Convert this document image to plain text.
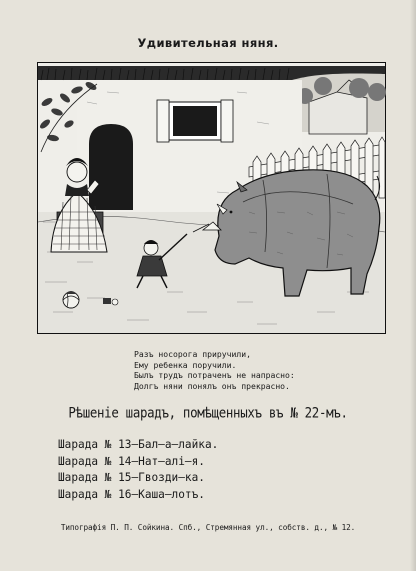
Удивительная няня.
Разъ носорога приручили,
Ему ребенка поручили.
Былъ трудъ потраченъ не напрасно:
Долгъ няни понялъ онъ прекрасно.
Рѣшеніе шарадъ, помѣщенныхъ въ № 22-мъ.
Шарада № 13—Бал—а—лайка.
Шарада № 14—Нат—алі—я.
Шарада № 15—Гвозди—ка.
Шарада № 16—Каша—лотъ.
Типографія П. П. Сойкина. Спб., Стремянная ул., собств. д., № 12.
